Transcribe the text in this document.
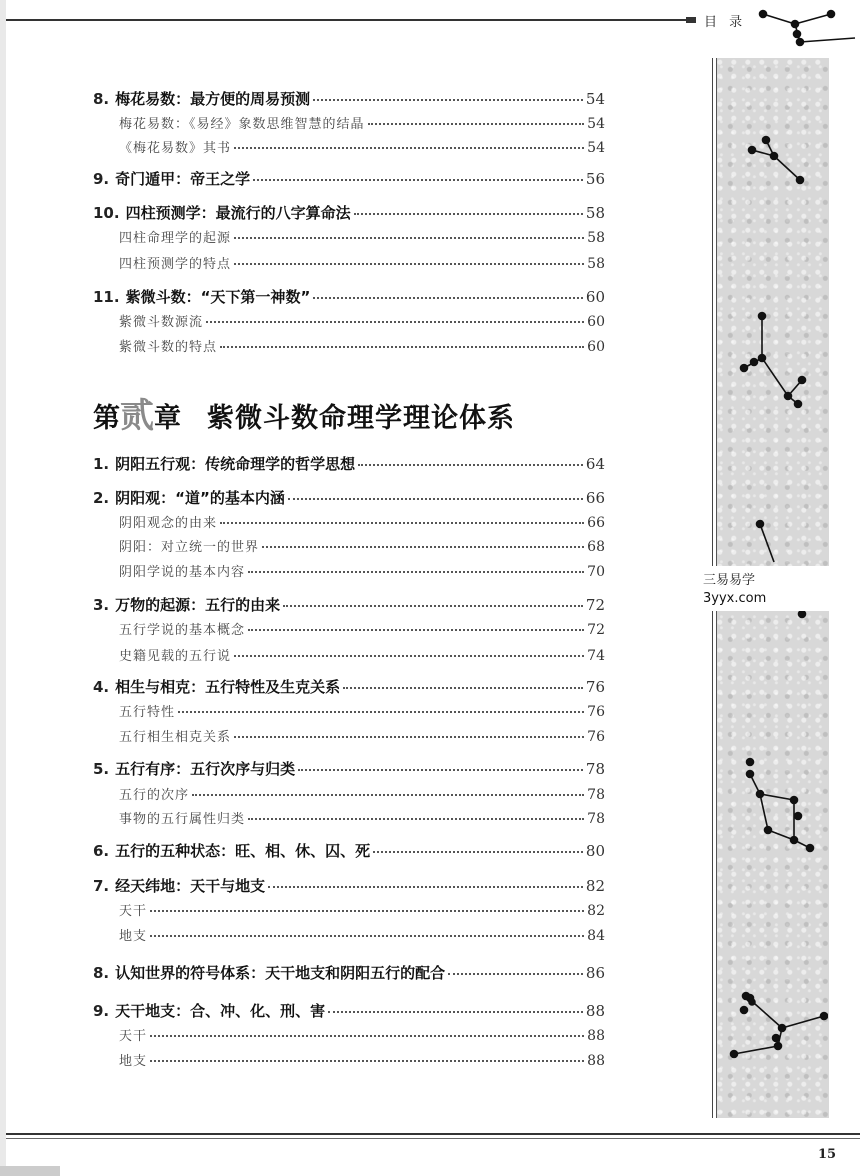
目 录
三易易学
3yyx.com
第贰章 紫微斗数命理学理论体系
8. 梅花易数：最方便的周易预测	54
梅花易数：《易经》象数思维智慧的结晶	54
《梅花易数》其书	54
9. 奇门遁甲：帝王之学	56
10. 四柱预测学：最流行的八字算命法	58
四柱命理学的起源	58
四柱预测学的特点	58
11. 紫微斗数：“天下第一神数”	60
紫微斗数源流	60
紫微斗数的特点	60
1. 阴阳五行观：传统命理学的哲学思想	64
2. 阴阳观：“道”的基本内涵	66
阴阳观念的由来	66
阴阳：对立统一的世界	68
阴阳学说的基本内容	70
3. 万物的起源：五行的由来	72
五行学说的基本概念	72
史籍见载的五行说	74
4. 相生与相克：五行特性及生克关系	76
五行特性	76
五行相生相克关系	76
5. 五行有序：五行次序与归类	78
五行的次序	78
事物的五行属性归类	78
6. 五行的五种状态：旺、相、休、囚、死	80
7. 经天纬地：天干与地支	82
天干	82
地支	84
8. 认知世界的符号体系：天干地支和阴阳五行的配合	86
9. 天干地支：合、冲、化、刑、害	88
天干	88
地支	88
15
